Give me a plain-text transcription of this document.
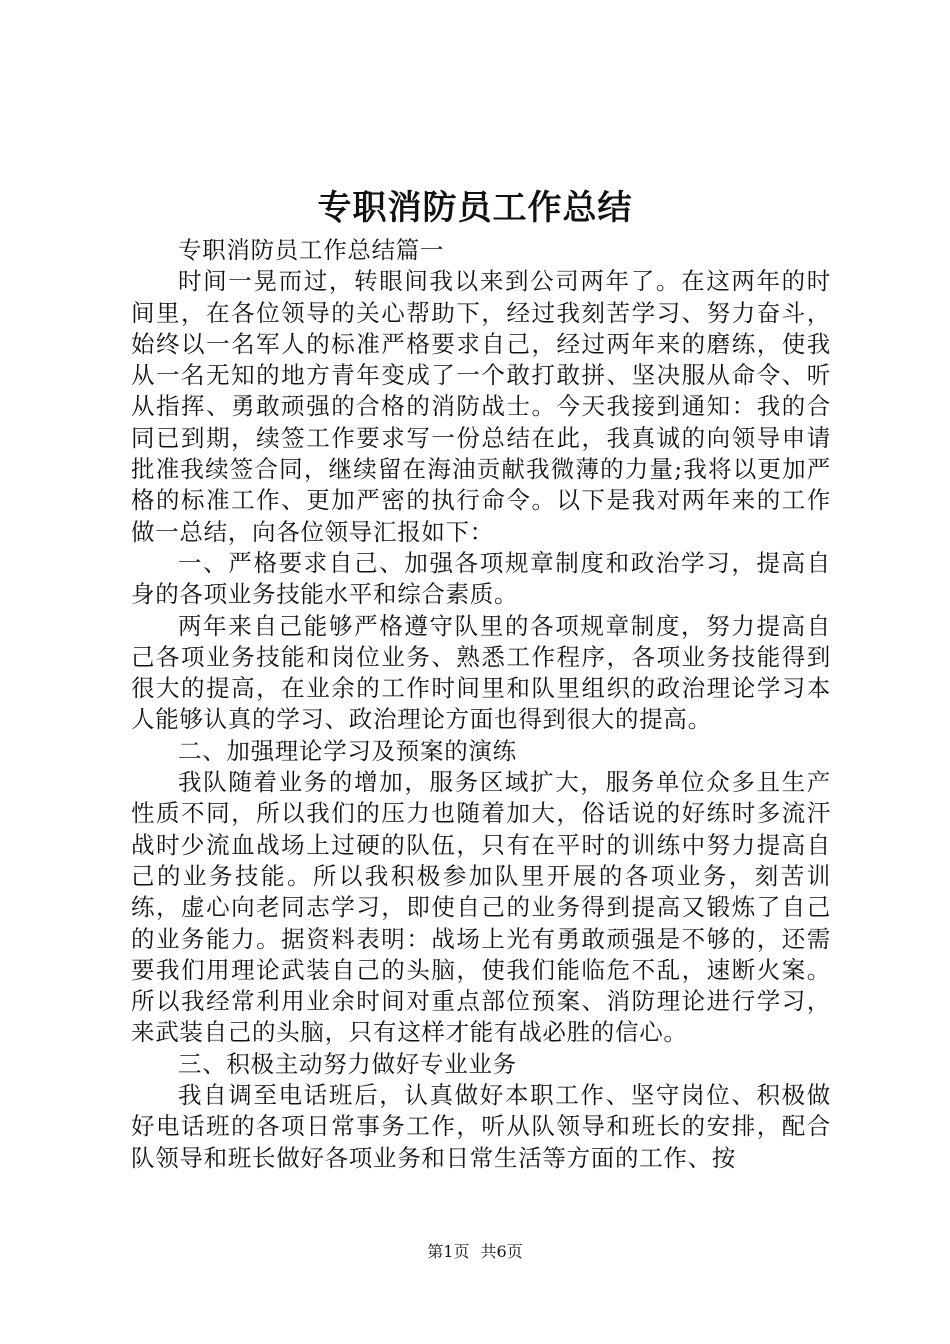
专职消防员工作总结

专职消防员工作总结篇一

时间一晃而过，转眼间我以来到公司两年了。在这两年的时间里，在各位领导的关心帮助下，经过我刻苦学习、努力奋斗，始终以一名军人的标准严格要求自己，经过两年来的磨练，使我从一名无知的地方青年变成了一个敢打敢拼、坚决服从命令、听从指挥、勇敢顽强的合格的消防战士。今天我接到通知：我的合同已到期，续签工作要求写一份总结在此，我真诚的向领导申请批准我续签合同，继续留在海油贡献我微薄的力量;我将以更加严格的标准工作、更加严密的执行命令。以下是我对两年来的工作做一总结，向各位领导汇报如下：

一、严格要求自己、加强各项规章制度和政治学习，提高自身的各项业务技能水平和综合素质。

两年来自己能够严格遵守队里的各项规章制度，努力提高自己各项业务技能和岗位业务、熟悉工作程序，各项业务技能得到很大的提高，在业余的工作时间里和队里组织的政治理论学习本人能够认真的学习、政治理论方面也得到很大的提高。

二、加强理论学习及预案的演练

我队随着业务的增加，服务区域扩大，服务单位众多且生产性质不同，所以我们的压力也随着加大，俗话说的好练时多流汗战时少流血战场上过硬的队伍，只有在平时的训练中努力提高自己的业务技能。所以我积极参加队里开展的各项业务，刻苦训练，虚心向老同志学习，即使自己的业务得到提高又锻炼了自己的业务能力。据资料表明：战场上光有勇敢顽强是不够的，还需要我们用理论武装自己的头脑，使我们能临危不乱，速断火案。所以我经常利用业余时间对重点部位预案、消防理论进行学习，来武装自己的头脑，只有这样才能有战必胜的信心。

三、积极主动努力做好专业业务

我自调至电话班后，认真做好本职工作、坚守岗位、积极做好电话班的各项日常事务工作，听从队领导和班长的安排，配合队领导和班长做好各项业务和日常生活等方面的工作、按

第1页 共6页
